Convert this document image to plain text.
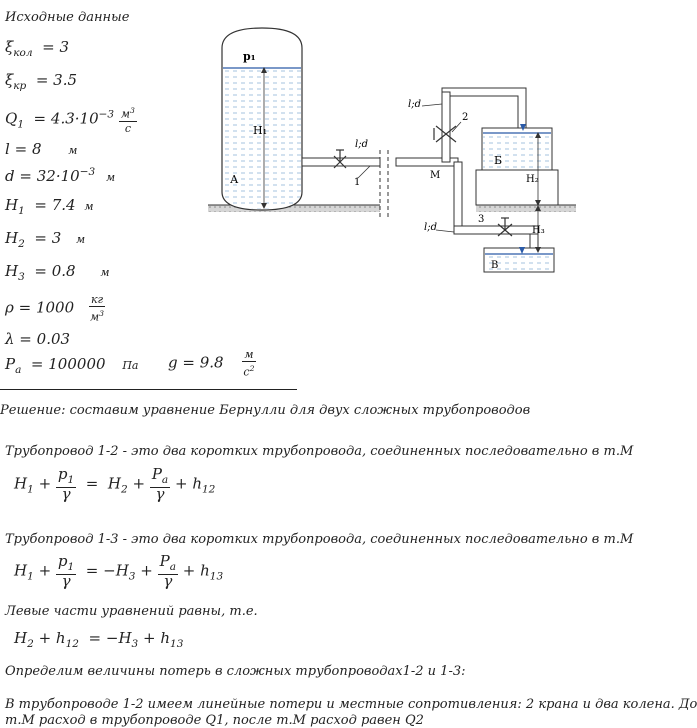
Исходные данные
$\xi_{кол} = 3$
$\xi_{кр} = 3.5$
$Q_1 = 4.3\cdot 10^{-3} \frac{м^3}{с}$
l = 8 м
$d = 32\cdot 10^{-3}$ м
$H_1 = 7.4$ м
$H_2 = 3$ м
$H_3 = 0.8$ м
$\rho = 1000 \frac{кг}{м^3}$
λ = 0.03
$P_a = 100000$ Па $g = 9.8 \frac{м}{с^2}$
p₁
H₁
А
l;d
1
М
2
l;d
Б
H₂
3
l;d
В
H₃
Решение: составим уравнение Бернулли для двух сложных трубопроводов
Трубопровод 1-2 - это два коротких трубопровода, соединенных последовательно в т.М
$H_1 + \frac{p_1}{\gamma} = H_2 + \frac{P_a}{\gamma} + h_{12}$
Трубопровод 1-3 - это два коротких трубопровода, соединенных последовательно в т.М
$H_1 + \frac{p_1}{\gamma} = -H_3 + \frac{P_a}{\gamma} + h_{13}$
Левые части уравнений равны, т.е.
$H_2 + h_{12} = -H_3 + h_{13}$
Определим величины потерь в сложных трубопроводах1-2 и 1-3:
В трубопроводе 1-2 имеем линейные потери и местные сопротивления: 2 крана и два колена. До
т.М расход в трубопроводе Q1, после т.М расход равен Q2
